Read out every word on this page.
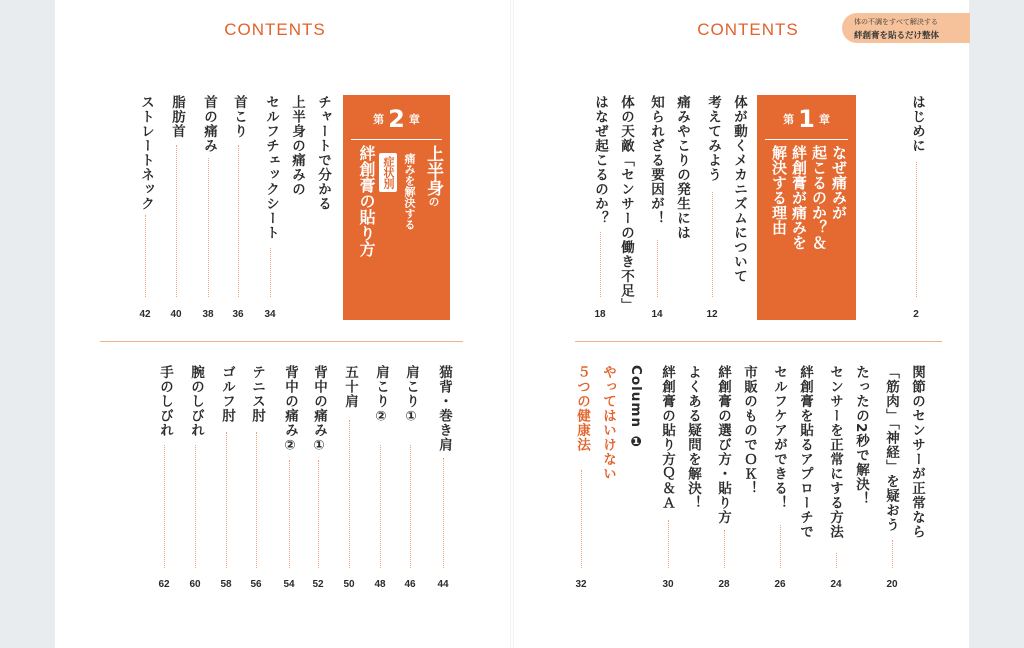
CONTENTS	CONTENTS	体の不調をすべて解決する
絆創膏を貼るだけ整体
はじめに
2
第 1 章
なぜ痛みが
起こるのか？＆
絆創膏が痛みを
解決する理由
体が動くメカニズムについて
考えてみよう
12
痛みやこりの発生には
知られざる要因が！
14
体の天敵「センサーの働き不足」
はなぜ起こるのか？
18
関節のセンサーが正常なら
「筋肉」「神経」を疑おう
20
たったの2秒で解決！
センサーを正常にする方法
24
絆創膏を貼るアプローチで
セルフケアができる！
26
市販のものでＯＫ！
絆創膏の選び方・貼り方
28
よくある疑問を解決！
絆創膏の貼り方Ｑ＆Ａ
30
Column ❶
やってはいけない
５つの健康法
32
第 2 章
上半身の
痛みを解決する
症状別
絆創膏の貼り方
チャートで分かる
上半身の痛みの
セルフチェックシート
34
首こり
36
首の痛み
38
脂肪首
40
ストレートネック
42
猫背・巻き肩
44
肩こり①
46
肩こり②
48
五十肩
50
背中の痛み①
52
背中の痛み②
54
テニス肘
56
ゴルフ肘
58
腕のしびれ
60
手のしびれ
62
